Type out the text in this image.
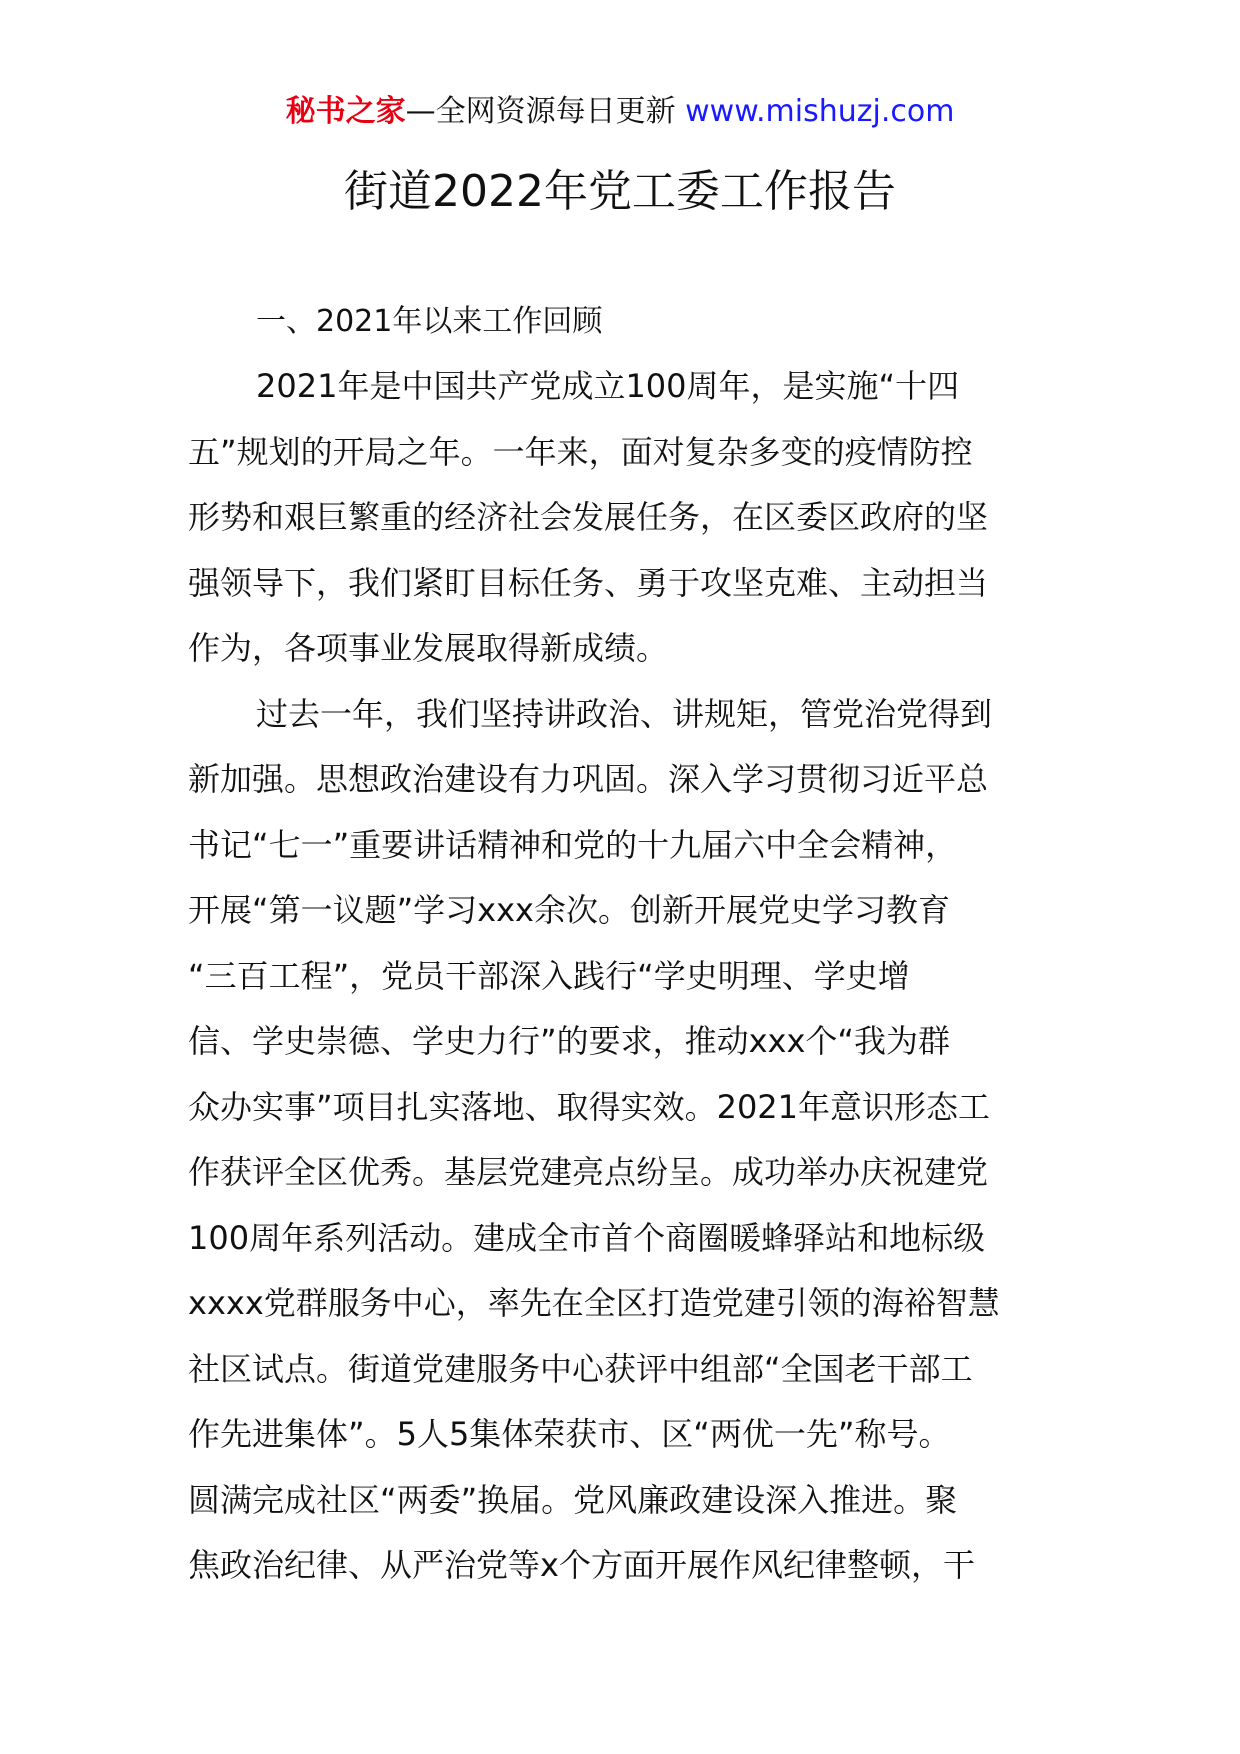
秘书之家—全网资源每日更新 www.mishuzj.com
街道2022年党工委工作报告

一、2021年以来工作回顾

2021年是中国共产党成立100周年，是实施“十四
五”规划的开局之年。一年来，面对复杂多变的疫情防控
形势和艰巨繁重的经济社会发展任务，在区委区政府的坚
强领导下，我们紧盯目标任务、勇于攻坚克难、主动担当
作为，各项事业发展取得新成绩。

过去一年，我们坚持讲政治、讲规矩，管党治党得到
新加强。思想政治建设有力巩固。深入学习贯彻习近平总
书记“七一”重要讲话精神和党的十九届六中全会精神，
开展“第一议题”学习xxx余次。创新开展党史学习教育
“三百工程”，党员干部深入践行“学史明理、学史增
信、学史崇德、学史力行”的要求，推动xxx个“我为群
众办实事”项目扎实落地、取得实效。2021年意识形态工
作获评全区优秀。基层党建亮点纷呈。成功举办庆祝建党
100周年系列活动。建成全市首个商圈暖蜂驿站和地标级
xxxx党群服务中心，率先在全区打造党建引领的海裕智慧
社区试点。街道党建服务中心获评中组部“全国老干部工
作先进集体”。5人5集体荣获市、区“两优一先”称号。
圆满完成社区“两委”换届。党风廉政建设深入推进。聚
焦政治纪律、从严治党等x个方面开展作风纪律整顿，干
